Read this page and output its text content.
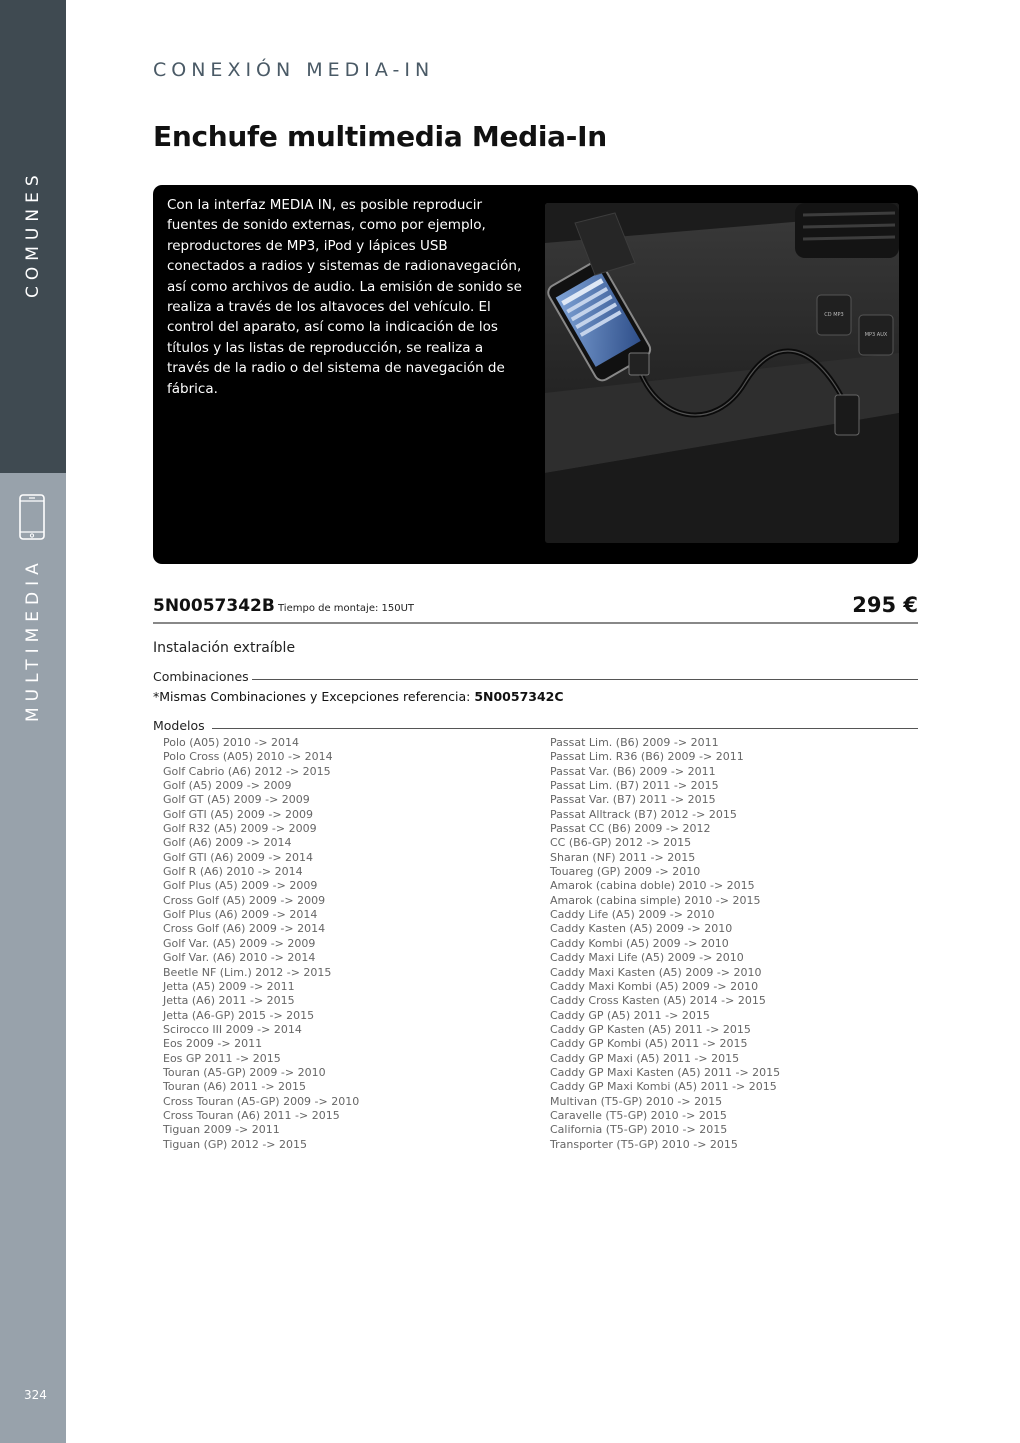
COMUNES
324
MULTIMEDIA
CONEXIÓN MEDIA-IN
Enchufe multimedia Media-In

Con la interfaz MEDIA IN, es posible reproducir fuentes de sonido externas, como por ejemplo, reproductores de MP3, iPod y lápices USB conectados a radios y sistemas de radionavegación, así como archivos de audio. La emisión de sonido se realiza a través de los altavoces del vehículo. El control del aparato, así como la indicación de los títulos y las listas de reproducción, se realiza a través de la radio o del sistema de navegación de fábrica.

CD MP3
MP3 AUX
5N0057342B Tiempo de montaje: 150UT	295 €
Instalación extraíble
Combinaciones
*Mismas Combinaciones y Excepciones referencia: 5N0057342C
Modelos
Polo (A05) 2010 -> 2014
Polo Cross (A05) 2010 -> 2014
Golf Cabrio (A6) 2012 -> 2015
Golf (A5) 2009 -> 2009
Golf GT (A5) 2009 -> 2009
Golf GTI (A5) 2009 -> 2009
Golf R32 (A5) 2009 -> 2009
Golf (A6) 2009 -> 2014
Golf GTI (A6) 2009 -> 2014
Golf R (A6) 2010 -> 2014
Golf Plus (A5) 2009 -> 2009
Cross Golf (A5) 2009 -> 2009
Golf Plus (A6) 2009 -> 2014
Cross Golf (A6) 2009 -> 2014
Golf Var. (A5) 2009 -> 2009
Golf Var. (A6) 2010 -> 2014
Beetle NF (Lim.) 2012 -> 2015
Jetta (A5) 2009 -> 2011
Jetta (A6) 2011 -> 2015
Jetta (A6-GP) 2015 -> 2015
Scirocco III 2009 -> 2014
Eos 2009 -> 2011
Eos GP 2011 -> 2015
Touran (A5-GP) 2009 -> 2010
Touran (A6) 2011 -> 2015
Cross Touran (A5-GP) 2009 -> 2010
Cross Touran (A6) 2011 -> 2015
Tiguan 2009 -> 2011
Tiguan (GP) 2012 -> 2015
Passat Lim. (B6) 2009 -> 2011
Passat Lim. R36 (B6) 2009 -> 2011
Passat Var. (B6) 2009 -> 2011
Passat Lim. (B7) 2011 -> 2015
Passat Var. (B7) 2011 -> 2015
Passat Alltrack (B7) 2012 -> 2015
Passat CC (B6) 2009 -> 2012
CC (B6-GP) 2012 -> 2015
Sharan (NF) 2011 -> 2015
Touareg (GP) 2009 -> 2010
Amarok (cabina doble) 2010 -> 2015
Amarok (cabina simple) 2010 -> 2015
Caddy Life (A5) 2009 -> 2010
Caddy Kasten (A5) 2009 -> 2010
Caddy Kombi (A5) 2009 -> 2010
Caddy Maxi Life (A5) 2009 -> 2010
Caddy Maxi Kasten (A5) 2009 -> 2010
Caddy Maxi Kombi (A5) 2009 -> 2010
Caddy Cross Kasten (A5) 2014 -> 2015
Caddy GP (A5) 2011 -> 2015
Caddy GP Kasten (A5) 2011 -> 2015
Caddy GP Kombi (A5) 2011 -> 2015
Caddy GP Maxi (A5) 2011 -> 2015
Caddy GP Maxi Kasten (A5) 2011 -> 2015
Caddy GP Maxi Kombi (A5) 2011 -> 2015
Multivan (T5-GP) 2010 -> 2015
Caravelle (T5-GP) 2010 -> 2015
California (T5-GP) 2010 -> 2015
Transporter (T5-GP) 2010 -> 2015
